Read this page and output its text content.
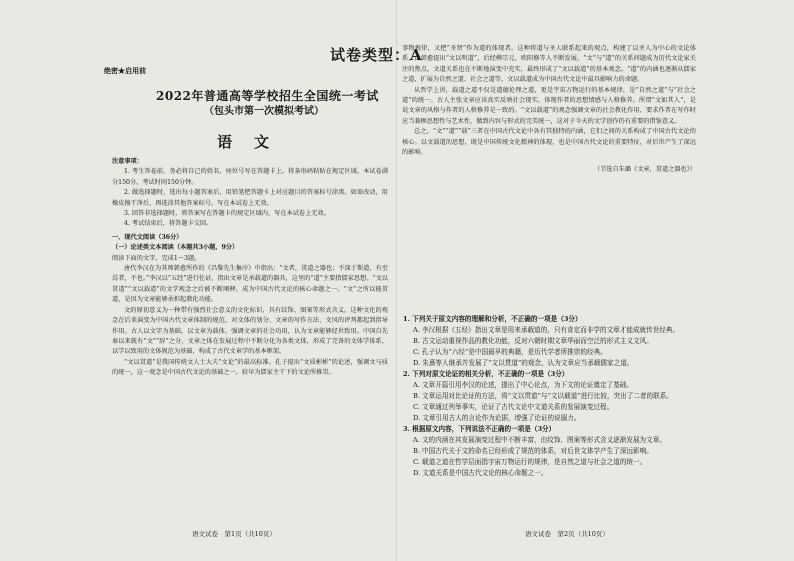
试卷类型：A
绝密★启用前
2022年普通高等学校招生全国统一考试
（包头市第一次模拟考试）
语文

注意事项：

1. 考生答卷前，务必将自己的姓名、座位号写在答题卡上。将条形码粘贴在规定区域。本试卷满分150分，考试时间150分钟。

2. 做选择题时，选出每小题答案后，用铅笔把答题卡上对应题目的答案标号涂黑。如需改动，用橡皮擦干净后，再选涂其他答案标号。写在本试卷上无效。

3. 回答非选择题时，将答案写在答题卡的规定区域内，写在本试卷上无效。

4. 考试结束后，将答题卡交回。

一、现代文阅读（36分）

（一）论述类文本阅读（本题共3小题，9分）

阅读下面的文字，完成1～3题。

唐代李汉在为其师韩愈所作的《昌黎先生集序》中指出：“文者，贯道之器也；不深于斯道，有至焉者，不也。”李汉以“五经”进行佐证，指出文章是承载道的器具，这里的“道”主要指儒家思想。“文以贯道”“文以载道”的文学观念之后被不断阐释，成为中国古代文论的核心命题之一。“文”之所以能贯道，是因为文章能够承担起教化功能。

文的原初意义为一种带有强烈社会意义的文化标识，具有纹饰、图案等形式含义。这种文化的观念在后来演变为中国古代文章体制的规范，对文体的划分、文章的写作方法、文风的评判都起到指导作用。古人以文字为基础，以文章为载体，强调文章的社会功用，认为文章能够经世致用。中国自先秦以来就有“文”“辞”之分，文章之体在发展过程中不断分化为各类文体，形成了完备的文体学体系，以学以致用的文体规范为基础，构成了古代文章学的基本框架。

“文以贯道”是我国传统文人士大夫“文论”的最高标准。孔子提出“文质彬彬”的论述，强调文与质的统一，这一观念是中国古代文论的基础之一，较早为儒家主干下的文论所推崇。

语文试卷　第1页（共10页）

事物规律，又把“圣贤”作为道的体现者。这种将道与圣人联系起来的观点，构建了以圣人为中心的文论体系，由韩愈提出“文以明道”，后经柳宗元、欧阳修等人不断发展，“文”与“道”的关系问题成为历代文论家关注的焦点。文道关系也在不断地演变中充实，最终形成了“文以载道”的基本观念。“道”的内涵也逐渐从儒家之道，扩展为自然之道、社会之道等，文以载道成为中国古代文论中最具影响力的命题。

从哲学上讲，载道之道不仅是道德伦理之道，更是宇宙万物运行的基本规律，是“自然之道”与“社会之道”的统一。古人主张文章应该真实反映社会现实，体现作者的思想情感与人格修养。所谓“文如其人”，是说文章的风格与作者的人格修养是一致的。“文以载道”的观念强调文章的社会教化作用，要求作者在写作时应当兼顾思想性与艺术性，做到内容与形式的完美统一，这对于今天的文学创作仍有重要的借鉴意义。

总之，“文”“道”“载”三者在中国古代文论中各有其独特的内涵，它们之间的关系构成了中国古代文论的核心。以文载道的思想，既是中国传统文化精神的体现，也是中国古代文论的重要特征，对后世产生了深远的影响。

（节选自朱璐《文章，贯道之器也》）

1. 下列关于原文内容的理解和分析，不正确的一项是（3分）

A. 李汉根据《五经》指出文章是用来承载道的，只有肯定而非学的文章才能成就传世经典。

B. 古文运动重视作品的教化功能，反对六朝时期文章华丽而空泛的形式主义文风。

C. 孔子认为“六经”是中国最早的典籍，是历代学者所推崇的经典。

D. 朱熹等人继承并发展了“文以贯道”的观念，认为文章应当承载儒家之道。

2. 下列对原文论证的相关分析，不正确的一项是（3分）

A. 文章开篇引用李汉的论述，提出了中心论点，为下文的论证奠定了基础。

B. 文章运用对比论证的方法，将“文以贯道”与“文以载道”进行比较，突出了二者的联系。

C. 文章通过列举事实，论证了古代文论中文道关系的发展演变过程。

D. 文章引用古人的言论作为论据，增强了论证的说服力。

3. 根据原文内容，下列说法不正确的一项是（3分）

A. 文的内涵在其发展演变过程中不断丰富，由纹饰、图案等形式含义逐渐发展为文章。

B. 中国古代关于文的命名已经形成了规范的体系，对后世文体学产生了深远影响。

C. 载道之道在哲学层面指宇宙万物运行的规律，是自然之道与社会之道的统一。

D. 文道关系是中国古代文论的核心命题之一。

语文试卷　第2页（共10页）
